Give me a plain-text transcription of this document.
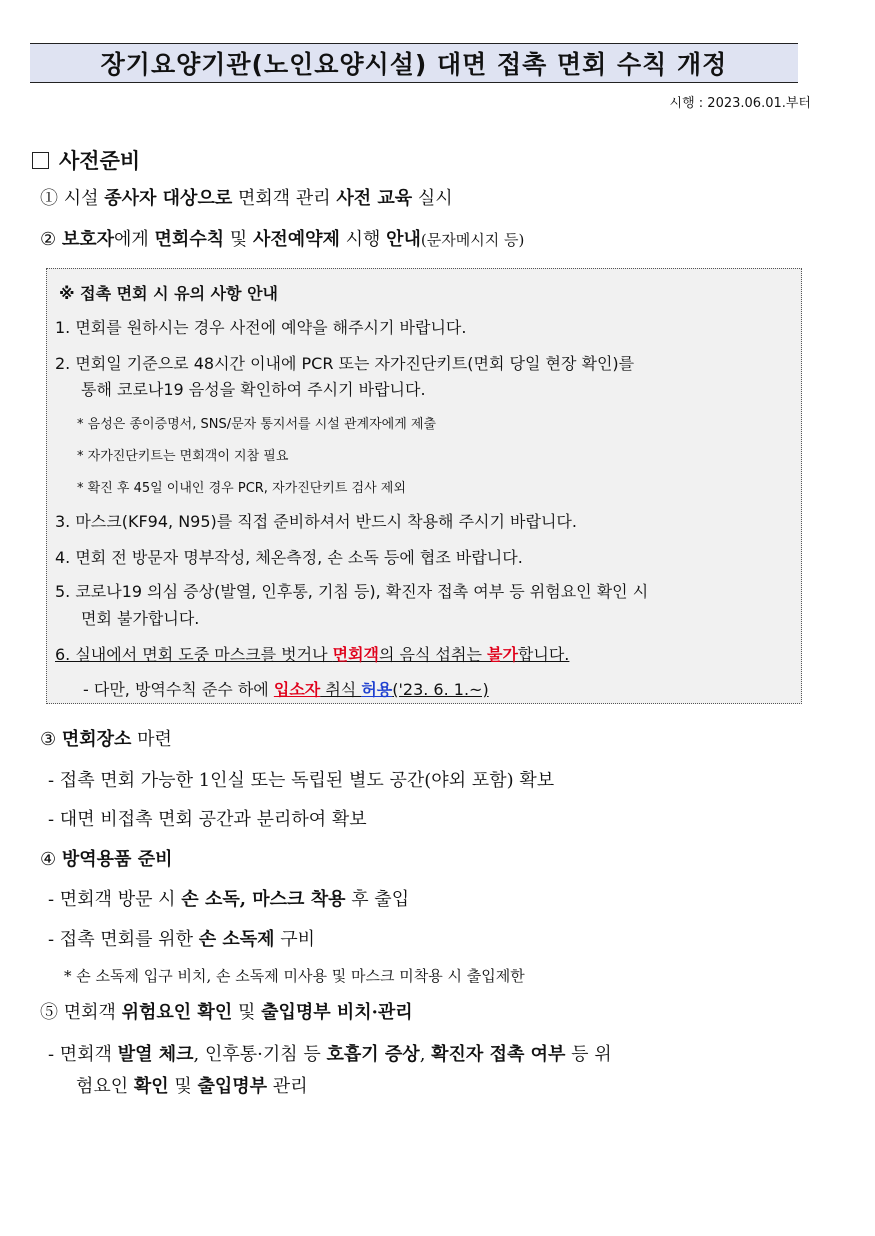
장기요양기관(노인요양시설) 대면 접촉 면회 수칙 개정
시행 : 2023.06.01.부터
사전준비
① 시설 종사자 대상으로 면회객 관리 사전 교육 실시
② 보호자에게 면회수칙 및 사전예약제 시행 안내(문자메시지 등)
※ 접촉 면회 시 유의 사항 안내
1. 면회를 원하시는 경우 사전에 예약을 해주시기 바랍니다.
2. 면회일 기준으로 48시간 이내에 PCR 또는 자가진단키트(면회 당일 현장 확인)를
통해 코로나19 음성을 확인하여 주시기 바랍니다.
* 음성은 종이증명서, SNS/문자 통지서를 시설 관계자에게 제출
* 자가진단키트는 면회객이 지참 필요
* 확진 후 45일 이내인 경우 PCR, 자가진단키트 검사 제외
3. 마스크(KF94, N95)를 직접 준비하셔서 반드시 착용해 주시기 바랍니다.
4. 면회 전 방문자 명부작성, 체온측정, 손 소독 등에 협조 바랍니다.
5. 코로나19 의심 증상(발열, 인후통, 기침 등), 확진자 접촉 여부 등 위험요인 확인 시
면회 불가합니다.
6. 실내에서 면회 도중 마스크를 벗거나 면회객의 음식 섭취는 불가합니다.
- 다만, 방역수칙 준수 하에 입소자 취식 허용('23. 6. 1.~)
③ 면회장소 마련
- 접촉 면회 가능한 1인실 또는 독립된 별도 공간(야외 포함) 확보
- 대면 비접촉 면회 공간과 분리하여 확보
④ 방역용품 준비
- 면회객 방문 시 손 소독, 마스크 착용 후 출입
- 접촉 면회를 위한 손 소독제 구비
* 손 소독제 입구 비치, 손 소독제 미사용 및 마스크 미착용 시 출입제한
⑤ 면회객 위험요인 확인 및 출입명부 비치·관리
- 면회객 발열 체크, 인후통·기침 등 호흡기 증상, 확진자 접촉 여부 등 위
험요인 확인 및 출입명부 관리
